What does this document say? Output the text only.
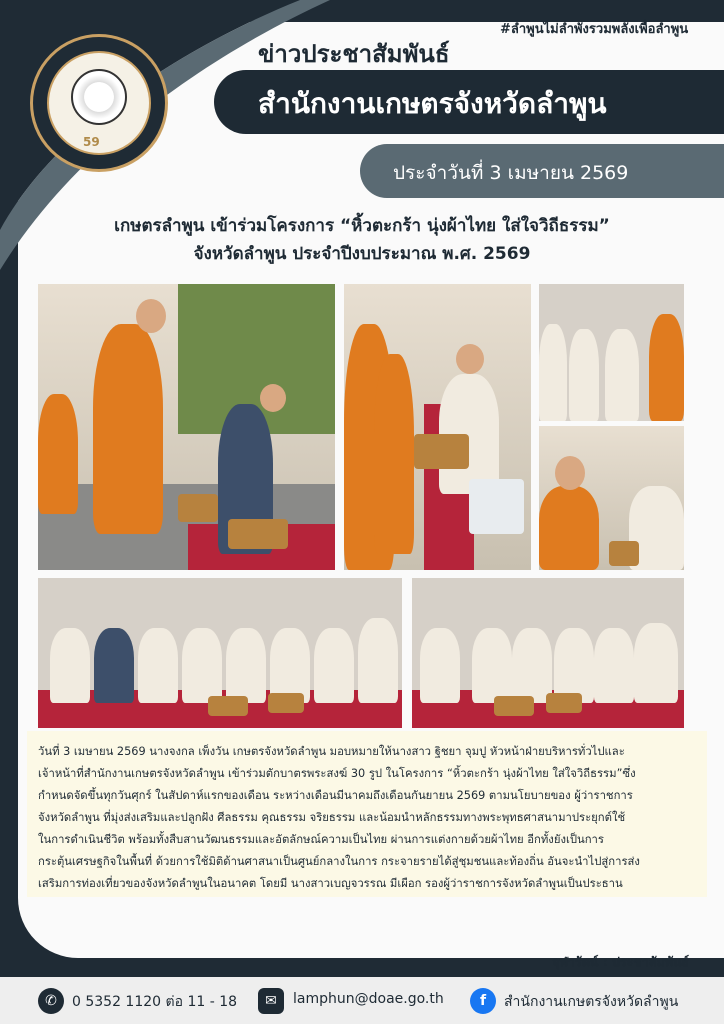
59
#ลำพูนไม่ลำพังรวมพลังเพื่อลำพูน
ข่าวประชาสัมพันธ์
สำนักงานเกษตรจังหวัดลำพูน
ประจำวันที่ 3 เมษายน 2569
เกษตรลำพูน เข้าร่วมโครงการ “หิ้วตะกร้า นุ่งผ้าไทย ใส่ใจวิถีธรรม”
จังหวัดลำพูน ประจำปีงบประมาณ พ.ศ. 2569
วันที่ 3 เมษายน 2569 นางจงกล เพ็งวัน เกษตรจังหวัดลำพูน มอบหมายให้นางสาว ฐิชยา จุมปู หัวหน้าฝ่ายบริหารทั่วไปและ
เจ้าหน้าที่สำนักงานเกษตรจังหวัดลำพูน เข้าร่วมตักบาตรพระสงฆ์ 30 รูป ในโครงการ “หิ้วตะกร้า นุ่งผ้าไทย ใส่ใจวิถีธรรม”ซึ่ง
กำหนดจัดขึ้นทุกวันศุกร์ ในสัปดาห์แรกของเดือน ระหว่างเดือนมีนาคมถึงเดือนกันยายน 2569 ตามนโยบายของ ผู้ว่าราชการ
จังหวัดลำพูน ที่มุ่งส่งเสริมและปลูกฝัง ศีลธรรม คุณธรรม จริยธรรม และน้อมนำหลักธรรมทางพระพุทธศาสนามาประยุกต์ใช้
ในการดำเนินชีวิต พร้อมทั้งสืบสานวัฒนธรรมและอัตลักษณ์ความเป็นไทย ผ่านการแต่งกายด้วยผ้าไทย อีกทั้งยังเป็นการ
กระตุ้นเศรษฐกิจในพื้นที่ ด้วยการใช้มิติด้านศาสนาเป็นศูนย์กลางในการ กระจายรายได้สู่ชุมชนและท้องถิ่น อันจะนำไปสู่การส่ง
เสริมการท่องเที่ยวของจังหวัดลำพูนในอนาคต โดยมี นางสาวเบญจวรรณ มีเผือก รองผู้ว่าราชการจังหวัดลำพูนเป็นประธาน
จุฬารัตน์ : ประชาสัมพันธ์
✆	0 5352 1120 ต่อ 11 - 18	✉	lamphun@doae.go.th	f	สำนักงานเกษตรจังหวัดลำพูน
